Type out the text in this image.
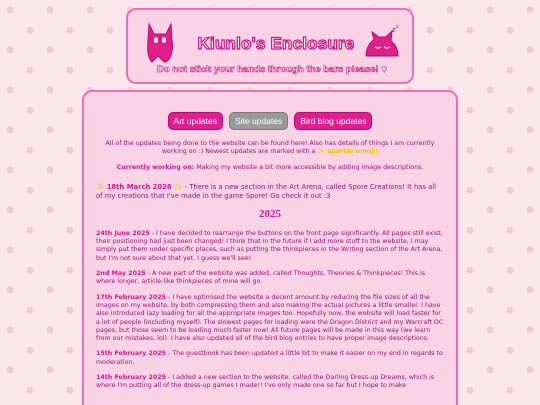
Kiunlo's Enclosure
z z
Do not stick your hands through the bars please! ♥
Art updates	Site updates	Bird blog updates

All of the updates being done to the website can be found here! Also has details of things I am currently working on :) Newest updates are marked with a ✨ sparkle emoji!

Currently working on: Making my website a bit more accessible by adding image descriptions.

✨ 18th March 2026 ✨ - There is a new section in the Art Arena, called Spore Creations! It has all of my creations that I've made in the game Spore! Go check it out :3

2025

24th June 2025 - I have decided to rearrange the buttons on the front page significantly. All pages still exist, their positioning had just been changed! I think that in the future if I add more stuff to the website, I may simply put them under specific places, such as putting the thinkpieces in the Writing section of the Art Arena, but I'm not sure about that yet. I guess we'll see!

2nd May 2025 - A new part of the website was added, called Thoughts, Theories & Thinkpieces! This is where longer, article-like thinkpieces of mine will go.

17th February 2025 - I have optimised the website a decent amount by reducing the file sizes of all the images on my website, by both compressing them and also making the actual pictures a little smaller. I have also introduced lazy loading for all the appropriate images too. Hopefully now, the website will load faster for a lot of people (including myself). The slowest pages for loading were the Dragon District and my Warcraft OC pages, but those seem to be loading much faster now! All future pages will be made in this way (we learn from our mistakes, lol). I have also updated all of the bird blog entries to have proper image descriptions.

15th February 2025 - The guestbook has been updated a little bit to make it easier on my end in regards to moderation.

14th February 2025 - I added a new section to the website, called the Darling Dress-up Dreams, which is where I'm putting all of the dress-up games I made!! I've only made one so far but I hope to make
